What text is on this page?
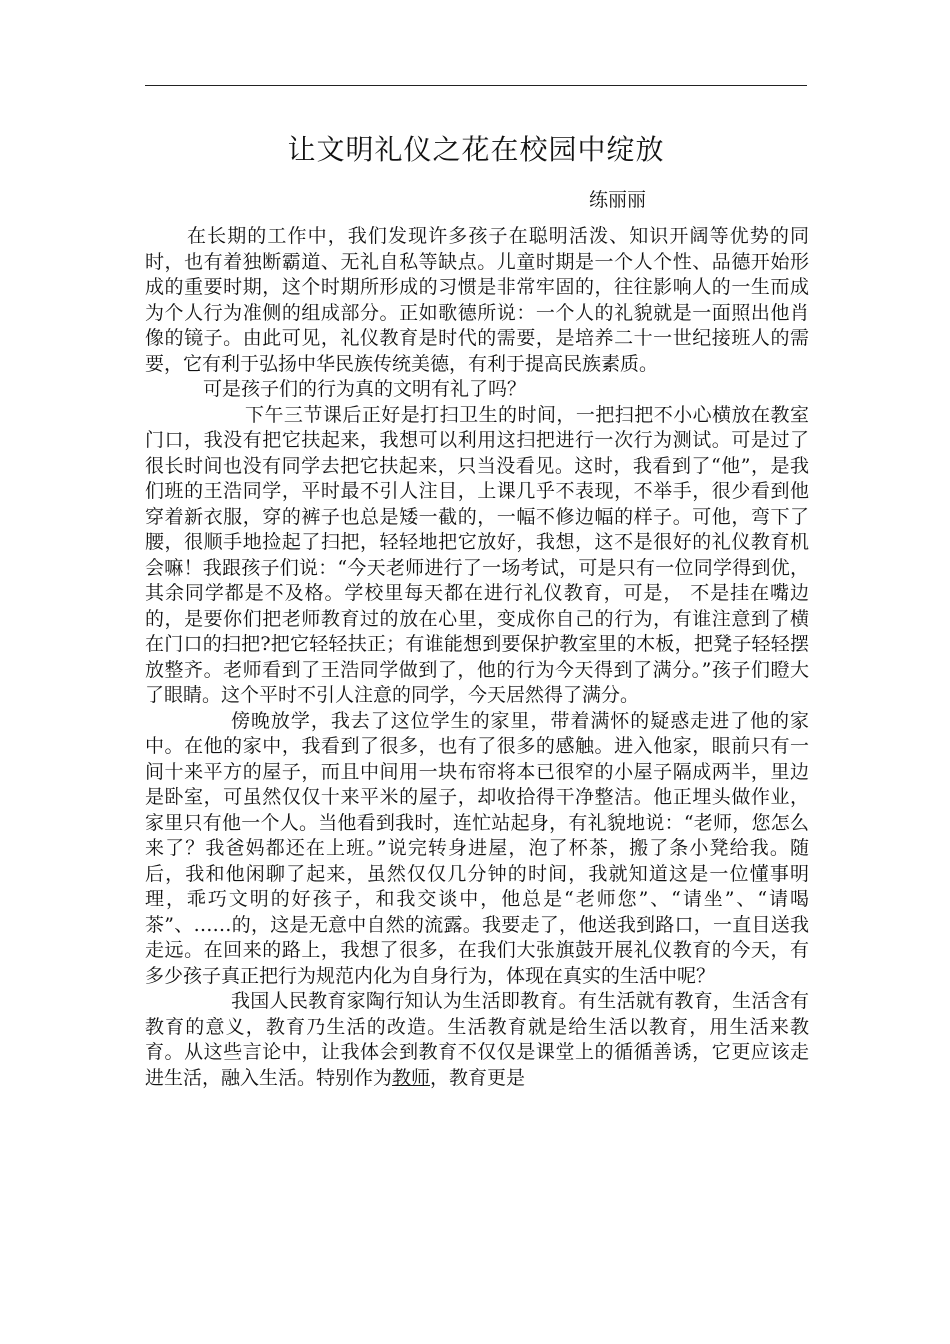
让文明礼仪之花在校园中绽放
练丽丽

在长期的工作中，我们发现许多孩子在聪明活泼、知识开阔等优势的同时，也有着独断霸道、无礼自私等缺点。儿童时期是一个人个性、品德开始形成的重要时期，这个时期所形成的习惯是非常牢固的，往往影响人的一生而成为个人行为准侧的组成部分。正如歌德所说：一个人的礼貌就是一面照出他肖像的镜子。由此可见，礼仪教育是时代的需要，是培养二十一世纪接班人的需要，它有利于弘扬中华民族传统美德，有利于提高民族素质。

可是孩子们的行为真的文明有礼了吗？

下午三节课后正好是打扫卫生的时间，一把扫把不小心横放在教室门口，我没有把它扶起来，我想可以利用这扫把进行一次行为测试。可是过了很长时间也没有同学去把它扶起来，只当没看见。这时，我看到了“他”，是我们班的王浩同学，平时最不引人注目，上课几乎不表现，不举手，很少看到他穿着新衣服，穿的裤子也总是矮一截的，一幅不修边幅的样子。可他，弯下了腰，很顺手地捡起了扫把，轻轻地把它放好，我想，这不是很好的礼仪教育机会嘛！我跟孩子们说：“今天老师进行了一场考试，可是只有一位同学得到优，其余同学都是不及格。学校里每天都在进行礼仪教育，可是， 不是挂在嘴边的，是要你们把老师教育过的放在心里，变成你自己的行为，有谁注意到了横在门口的扫把?把它轻轻扶正；有谁能想到要保护教室里的木板，把凳子轻轻摆放整齐。老师看到了王浩同学做到了，他的行为今天得到了满分。”孩子们瞪大了眼睛。这个平时不引人注意的同学，今天居然得了满分。

傍晚放学，我去了这位学生的家里，带着满怀的疑惑走进了他的家中。在他的家中，我看到了很多，也有了很多的感触。进入他家，眼前只有一间十来平方的屋子，而且中间用一块布帘将本已很窄的小屋子隔成两半，里边是卧室，可虽然仅仅十来平米的屋子，却收拾得干净整洁。他正埋头做作业，家里只有他一个人。当他看到我时，连忙站起身，有礼貌地说：“老师，您怎么来了？我爸妈都还在上班。”说完转身进屋，泡了杯茶，搬了条小凳给我。随后，我和他闲聊了起来，虽然仅仅几分钟的时间，我就知道这是一位懂事明理，乖巧文明的好孩子，和我交谈中，他总是“老师您”、“请坐”、“请喝茶”、……的，这是无意中自然的流露。我要走了，他送我到路口，一直目送我走远。在回来的路上，我想了很多，在我们大张旗鼓开展礼仪教育的今天，有多少孩子真正把行为规范内化为自身行为，体现在真实的生活中呢？

我国人民教育家陶行知认为生活即教育。有生活就有教育，生活含有教育的意义，教育乃生活的改造。生活教育就是给生活以教育，用生活来教育。从这些言论中，让我体会到教育不仅仅是课堂上的循循善诱，它更应该走进生活，融入生活。特别作为教师，教育更是
